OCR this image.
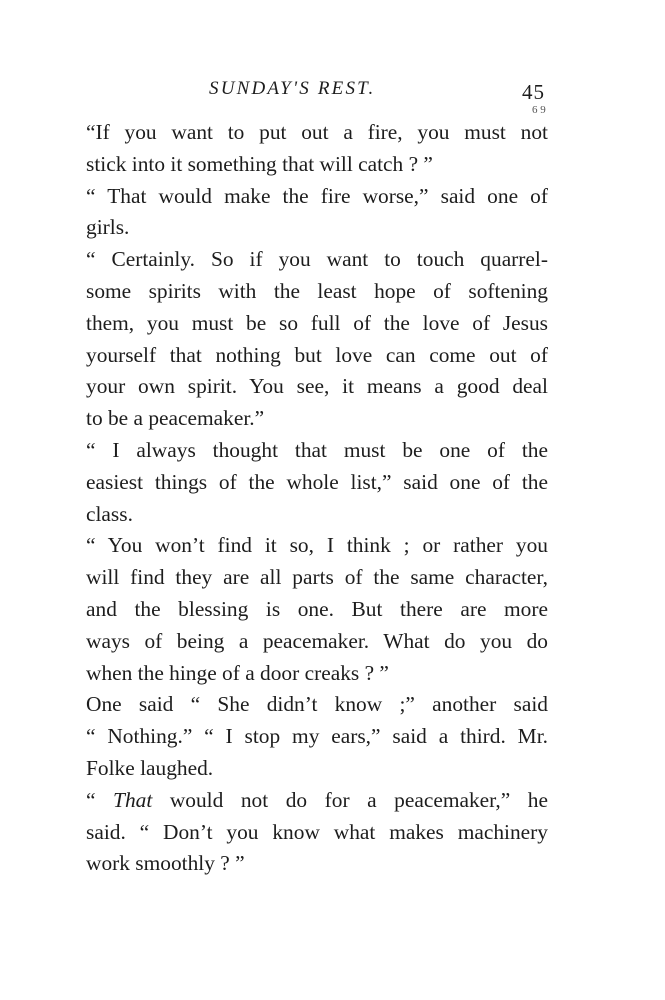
SUNDAY'S REST.	45
6 9
“If you want to put out a fire, you must not
stick into it something that will catch ? ”
“ That would make the fire worse,” said one of
girls.
“ Certainly. So if you want to touch quarrel-
some spirits with the least hope of softening
them, you must be so full of the love of Jesus
yourself that nothing but love can come out of
your own spirit. You see, it means a good deal
to be a peacemaker.”
“ I always thought that must be one of the
easiest things of the whole list,” said one of the
class.
“ You won’t find it so, I think ; or rather you
will find they are all parts of the same character,
and the blessing is one. But there are more
ways of being a peacemaker. What do you do
when the hinge of a door creaks ? ”
One said “ She didn’t know ;” another said
“ Nothing.” “ I stop my ears,” said a third. Mr.
Folke laughed.
“ That would not do for a peacemaker,” he
said. “ Don’t you know what makes machinery
work smoothly ? ”
